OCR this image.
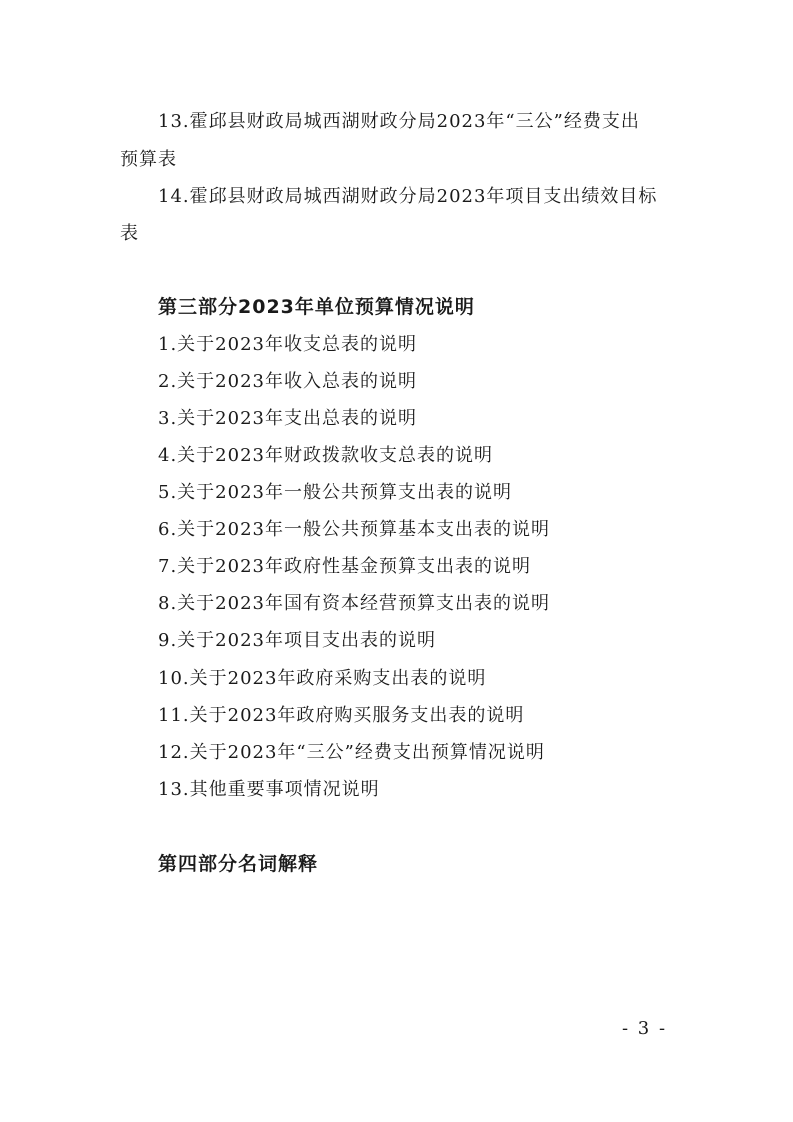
13.霍邱县财政局城西湖财政分局2023年“三公”经费支出
预算表
14.霍邱县财政局城西湖财政分局2023年项目支出绩效目标
表
第三部分2023年单位预算情况说明
1.关于2023年收支总表的说明
2.关于2023年收入总表的说明
3.关于2023年支出总表的说明
4.关于2023年财政拨款收支总表的说明
5.关于2023年一般公共预算支出表的说明
6.关于2023年一般公共预算基本支出表的说明
7.关于2023年政府性基金预算支出表的说明
8.关于2023年国有资本经营预算支出表的说明
9.关于2023年项目支出表的说明
10.关于2023年政府采购支出表的说明
11.关于2023年政府购买服务支出表的说明
12.关于2023年“三公”经费支出预算情况说明
13.其他重要事项情况说明
第四部分名词解释
- 3 -
